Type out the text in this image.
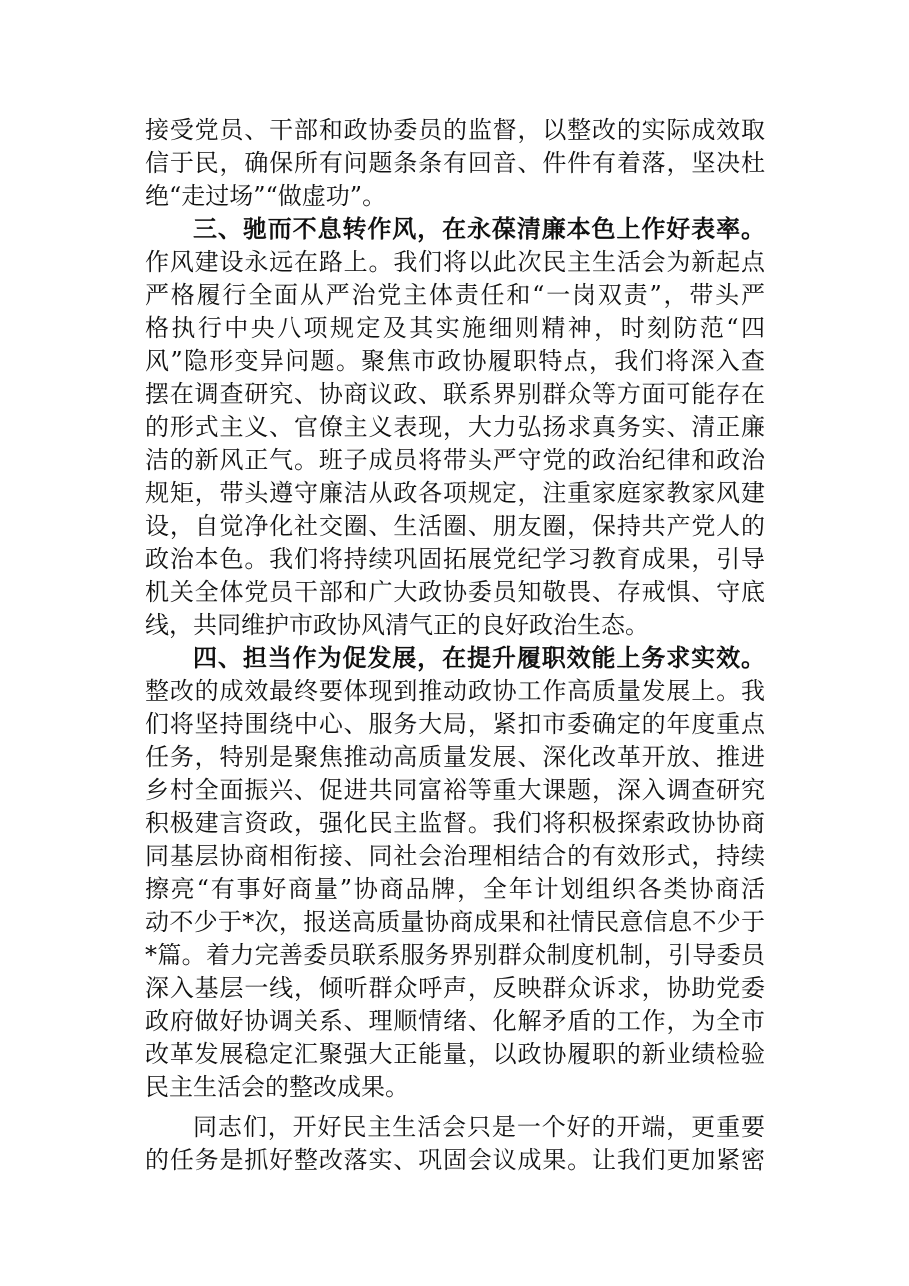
接受党员、干部和政协委员的监督，以整改的实际成效取
信于民，确保所有问题条条有回音、件件有着落，坚决杜
绝“走过场”“做虚功”。
三、驰而不息转作风，在永葆清廉本色上作好表率。
作风建设永远在路上。我们将以此次民主生活会为新起点
严格履行全面从严治党主体责任和“一岗双责”，带头严
格执行中央八项规定及其实施细则精神，时刻防范“四
风”隐形变异问题。聚焦市政协履职特点，我们将深入查
摆在调查研究、协商议政、联系界别群众等方面可能存在
的形式主义、官僚主义表现，大力弘扬求真务实、清正廉
洁的新风正气。班子成员将带头严守党的政治纪律和政治
规矩，带头遵守廉洁从政各项规定，注重家庭家教家风建
设，自觉净化社交圈、生活圈、朋友圈，保持共产党人的
政治本色。我们将持续巩固拓展党纪学习教育成果，引导
机关全体党员干部和广大政协委员知敬畏、存戒惧、守底
线，共同维护市政协风清气正的良好政治生态。
四、担当作为促发展，在提升履职效能上务求实效。
整改的成效最终要体现到推动政协工作高质量发展上。我
们将坚持围绕中心、服务大局，紧扣市委确定的年度重点
任务，特别是聚焦推动高质量发展、深化改革开放、推进
乡村全面振兴、促进共同富裕等重大课题，深入调查研究
积极建言资政，强化民主监督。我们将积极探索政协协商
同基层协商相衔接、同社会治理相结合的有效形式，持续
擦亮“有事好商量”协商品牌，全年计划组织各类协商活
动不少于*次，报送高质量协商成果和社情民意信息不少于
*篇。着力完善委员联系服务界别群众制度机制，引导委员
深入基层一线，倾听群众呼声，反映群众诉求，协助党委
政府做好协调关系、理顺情绪、化解矛盾的工作，为全市
改革发展稳定汇聚强大正能量，以政协履职的新业绩检验
民主生活会的整改成果。
同志们，开好民主生活会只是一个好的开端，更重要
的任务是抓好整改落实、巩固会议成果。让我们更加紧密
